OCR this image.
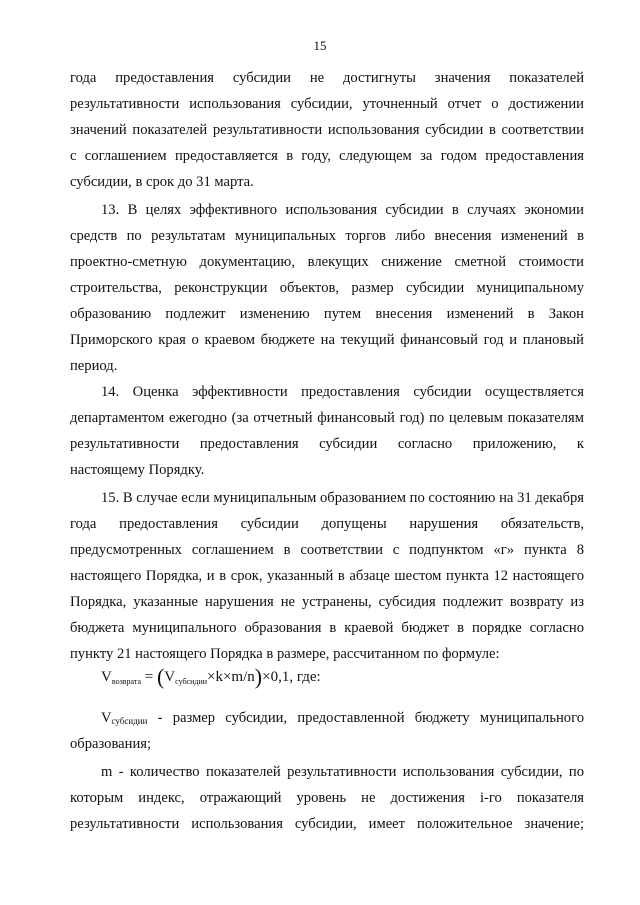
15
года предоставления субсидии не достигнуты значения показателей
результативности использования субсидии, уточненный отчет о достижении
значений показателей результативности использования субсидии в соответствии
с соглашением предоставляется в году, следующем за годом предоставления
субсидии, в срок до 31 марта.
13. В целях эффективного использования субсидии в случаях экономии
средств по результатам муниципальных торгов либо внесения изменений в
проектно-сметную документацию, влекущих снижение сметной стоимости
строительства, реконструкции объектов, размер субсидии муниципальному
образованию подлежит изменению путем внесения изменений в Закон
Приморского края о краевом бюджете на текущий финансовый год и плановый
период.
14. Оценка эффективности предоставления субсидии осуществляется
департаментом ежегодно (за отчетный финансовый год) по целевым показателям
результативности предоставления субсидии согласно приложению, к
настоящему Порядку.
15. В случае если муниципальным образованием по состоянию на 31 декабря
года предоставления субсидии допущены нарушения обязательств,
предусмотренных соглашением в соответствии с подпунктом «г» пункта 8
настоящего Порядка, и в срок, указанный в абзаце шестом пункта 12 настоящего
Порядка, указанные нарушения не устранены, субсидия подлежит возврату из
бюджета муниципального образования в краевой бюджет в порядке согласно
пункту 21 настоящего Порядка в размере, рассчитанном по формуле:
$V_{возврата} = (V_{субсидии}\times k\times m/n)\times 0,1$, где:
$V_{субсидии}$ - размер субсидии, предоставленной бюджету муниципального
образования;
m - количество показателей результативности использования субсидии, по
которым индекс, отражающий уровень не достижения i-го показателя
результативности использования субсидии, имеет положительное значение;
